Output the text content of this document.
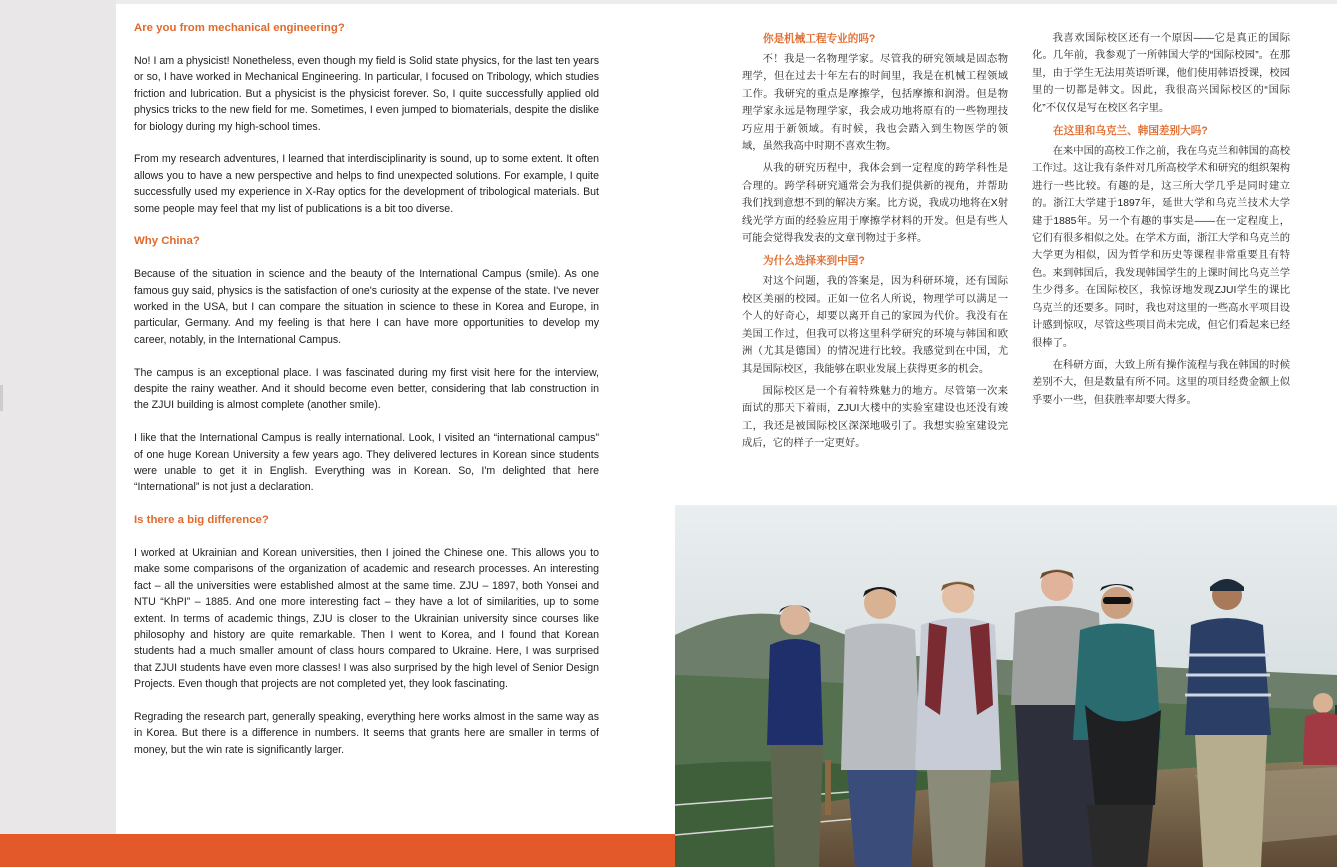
Are you from mechanical engineering?

No! I am a physicist! Nonetheless, even though my field is Solid state physics, for the last ten years or so, I have worked in Mechanical Engineering. In particular, I focused on Tribology, which studies friction and lubrication. But a physicist is the physicist forever. So, I quite successfully applied old physics tricks to the new field for me. Sometimes, I even jumped to biomaterials, despite the dislike for biology during my high-school times.

From my research adventures, I learned that interdisciplinarity is sound, up to some extent. It often allows you to have a new perspective and helps to find unexpected solutions. For example, I quite successfully used my experience in X-Ray optics for the development of tribological materials. But some people may feel that my list of publications is a bit too diverse.

Why China?

Because of the situation in science and the beauty of the International Campus (smile). As one famous guy said, physics is the satisfaction of one's curiosity at the expense of the state. I've never worked in the USA, but I can compare the situation in science to these in Korea and Europe, in particular, Germany. And my feeling is that here I can have more opportunities to develop my career, notably, in the International Campus.

The campus is an exceptional place. I was fascinated during my first visit here for the interview, despite the rainy weather. And it should become even better, considering that lab construction in the ZJUI building is almost complete (another smile).

I like that the International Campus is really international. Look, I visited an “international campus” of one huge Korean University a few years ago. They delivered lectures in Korean since students were unable to get it in English. Everything was in Korean. So, I'm delighted that here “International” is not just a declaration.

Is there a big difference?

I worked at Ukrainian and Korean universities, then I joined the Chinese one. This allows you to make some comparisons of the organization of academic and research processes. An interesting fact – all the universities were established almost at the same time. ZJU – 1897, both Yonsei and NTU “KhPI” – 1885. And one more interesting fact – they have a lot of similarities, up to some extent. In terms of academic things, ZJU is closer to the Ukrainian university since courses like philosophy and history are quite remarkable. Then I went to Korea, and I found that Korean students had a much smaller amount of class hours compared to Ukraine. Here, I was surprised that ZJUI students have even more classes! I was also surprised by the high level of Senior Design Projects. Even though that projects are not completed yet, they look fascinating.

Regrading the research part, generally speaking, everything here works almost in the same way as in Korea. But there is a difference in numbers. It seems that grants here are smaller in terms of money, but the win rate is significantly larger.

你是机械工程专业的吗?

不！我是一名物理学家。尽管我的研究领域是固态物理学，但在过去十年左右的时间里，我是在机械工程领域工作。我研究的重点是摩擦学，包括摩擦和润滑。但是物理学家永远是物理学家，我会成功地将原有的一些物理技巧应用于新领域。有时候，我也会踏入到生物医学的领域，虽然我高中时期不喜欢生物。

从我的研究历程中，我体会到一定程度的跨学科性是合理的。跨学科研究通常会为我们提供新的视角，并帮助我们找到意想不到的解决方案。比方说，我成功地将在X射线光学方面的经验应用于摩擦学材料的开发。但是有些人可能会觉得我发表的文章刊物过于多样。

为什么选择来到中国?

对这个问题，我的答案是，因为科研环境，还有国际校区美丽的校园。正如一位名人所说，物理学可以满足一个人的好奇心，却要以离开自己的家园为代价。我没有在美国工作过，但我可以将这里科学研究的环境与韩国和欧洲（尤其是德国）的情况进行比较。我感觉到在中国，尤其是国际校区，我能够在职业发展上获得更多的机会。

国际校区是一个有着特殊魅力的地方。尽管第一次来面试的那天下着雨，ZJUI大楼中的实验室建设也还没有竣工，我还是被国际校区深深地吸引了。我想实验室建设完成后，它的样子一定更好。

我喜欢国际校区还有一个原因——它是真正的国际化。几年前，我参观了一所韩国大学的“国际校园”。在那里，由于学生无法用英语听课，他们使用韩语授课，校园里的一切都是韩文。因此，我很高兴国际校区的“国际化”不仅仅是写在校区名字里。

在这里和乌克兰、韩国差别大吗?

在来中国的高校工作之前，我在乌克兰和韩国的高校工作过。这让我有条件对几所高校学术和研究的组织架构进行一些比较。有趣的是，这三所大学几乎是同时建立的。浙江大学建于1897年，延世大学和乌克兰技术大学建于1885年。另一个有趣的事实是——在一定程度上，它们有很多相似之处。在学术方面，浙江大学和乌克兰的大学更为相似，因为哲学和历史等课程非常重要且有特色。来到韩国后，我发现韩国学生的上课时间比乌克兰学生少得多。在国际校区，我惊讶地发现ZJUI学生的课比乌克兰的还要多。同时，我也对这里的一些高水平项目设计感到惊叹，尽管这些项目尚未完成，但它们看起来已经很棒了。

在科研方面，大致上所有操作流程与我在韩国的时候差别不大，但是数量有所不同。这里的项目经费金额上似乎要小一些，但获胜率却要大得多。
